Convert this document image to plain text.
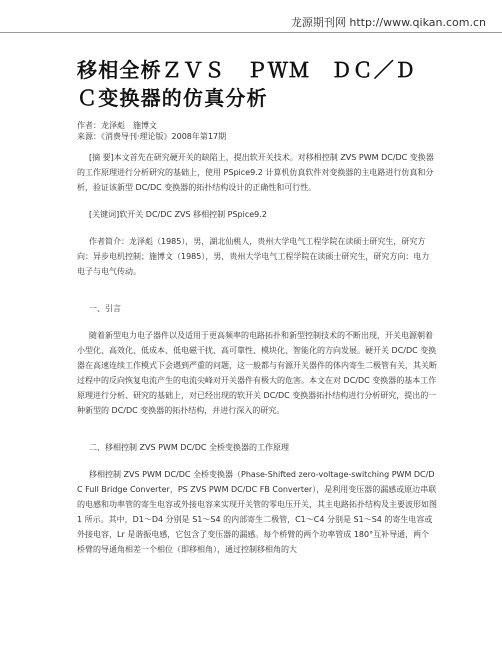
龙源期刊网 http://www.qikan.com.cn
移相全桥ＺＶＳ　ＰＷＭ　ＤＣ／ＤＣ变换器的仿真分析

作者：龙泽彪　施博文

来源：《消费导刊·理论版》2008年第17期

[摘 要]本文首先在研究硬开关的缺陷上，提出软开关技术。对移相控制 ZVS PWM DC/DC 变换器的工作原理进行分析研究的基础上，使用 PSpice9.2 计算机仿真软件对变换器的主电路进行仿真和分析，验证该新型 DC/DC 变换器的拓扑结构设计的正确性和可行性。

[关键词]软开关 DC/DC ZVS 移相控制 PSpice9.2

作者简介：龙泽彪（1985），男，湖北仙桃人，贵州大学电气工程学院在读硕士研究生，研究方向：异步电机控制；施博文（1985），男，贵州大学电气工程学院在读硕士研究生，研究方向：电力电子与电气传动。

一、引言

随着新型电力电子器件以及适用于更高频率的电路拓扑和新型控制技术的不断出现，开关电源朝着小型化、高效化、低成本、低电磁干扰、高可靠性、模块化、智能化的方向发展。硬开关 DC/DC 变换器在高速连续工作模式下会遇到严重的问题，这一般都与有源开关器件的体内寄生二极管有关，其关断过程中的反向恢复电流产生的电流尖峰对开关器件有极大的危害。本文在对 DC/DC 变换器的基本工作原理进行分析、研究的基础上，对已经出现的软开关 DC/DC 变换器拓扑结构进行分析研究，提出的一种新型的 DC/DC 变换器的拓扑结构，并进行深入的研究。

二、移相控制 ZVS PWM DC/DC 全桥变换器的工作原理

移相控制 ZVS PWM DC/DC 全桥变换器（Phase-Shifted zero-voltage-switching PWM DC/DC Full Bridge Converter，PS ZVS PWM DC/DC FB Converter），是利用变压器的漏感或原边串联的电感和功率管的寄生电容或外接电容来实现开关管的零电压开关，其主电路拓扑结构及主要波形如图 1 所示。其中，D1～D4 分别是 S1～S4 的内部寄生二极管，C1～C4 分别是 S1～S4 的寄生电容或外接电容，Lr 是谐振电感，它包含了变压器的漏感。每个桥臂的两个功率管成 180°互补导通，两个桥臂的导通角相差一个相位（即移相角），通过控制移相角的大
